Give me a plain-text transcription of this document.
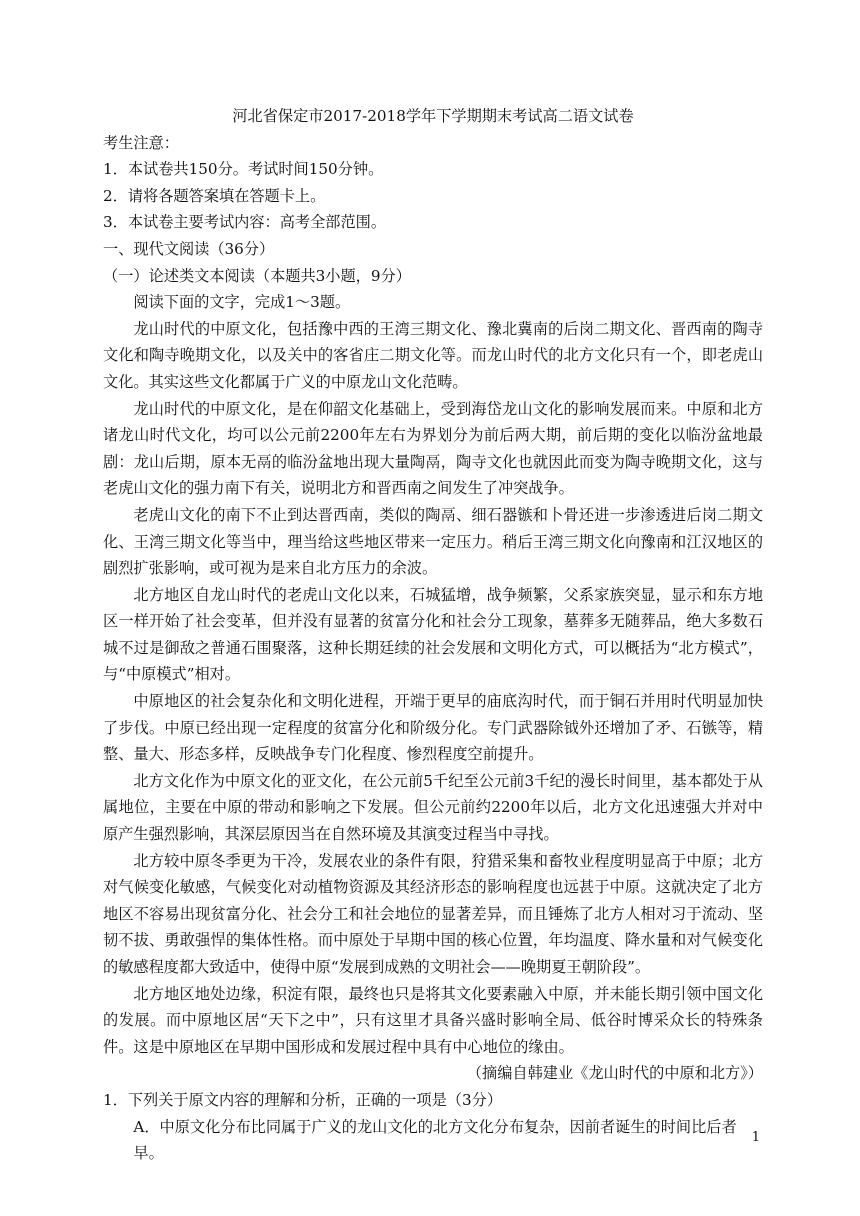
河北省保定市2017-2018学年下学期期末考试高二语文试卷
考生注意：
1．本试卷共150分。考试时间150分钟。
2．请将各题答案填在答题卡上。
3．本试卷主要考试内容：高考全部范围。
一、现代文阅读（36分）
（一）论述类文本阅读（本题共3小题，9分）
阅读下面的文字，完成1～3题。
龙山时代的中原文化，包括豫中西的王湾三期文化、豫北冀南的后岗二期文化、晋西南的陶寺文化和陶寺晚期文化，以及关中的客省庄二期文化等。而龙山时代的北方文化只有一个，即老虎山文化。其实这些文化都属于广义的中原龙山文化范畴。
龙山时代的中原文化，是在仰韶文化基础上，受到海岱龙山文化的影响发展而来。中原和北方诸龙山时代文化，均可以公元前2200年左右为界划分为前后两大期，前后期的变化以临汾盆地最剧：龙山后期，原本无鬲的临汾盆地出现大量陶鬲，陶寺文化也就因此而变为陶寺晚期文化，这与老虎山文化的强力南下有关，说明北方和晋西南之间发生了冲突战争。
老虎山文化的南下不止到达晋西南，类似的陶鬲、细石器镞和卜骨还进一步渗透进后岗二期文化、王湾三期文化等当中，理当给这些地区带来一定压力。稍后王湾三期文化向豫南和江汉地区的剧烈扩张影响，或可视为是来自北方压力的余波。
北方地区自龙山时代的老虎山文化以来，石城猛增，战争频繁，父系家族突显，显示和东方地区一样开始了社会变革，但并没有显著的贫富分化和社会分工现象，墓葬多无随葬品，绝大多数石城不过是御敌之普通石围聚落，这种长期廷续的社会发展和文明化方式，可以概括为“北方模式”，与“中原模式”相对。
中原地区的社会复杂化和文明化进程，开端于更早的庙底沟时代，而于铜石并用时代明显加快了步伐。中原已经出现一定程度的贫富分化和阶级分化。专门武器除钺外还增加了矛、石镞等，精整、量大、形态多样，反映战争专门化程度、惨烈程度空前提升。
北方文化作为中原文化的亚文化，在公元前5千纪至公元前3千纪的漫长时间里，基本都处于从属地位，主要在中原的带动和影响之下发展。但公元前约2200年以后，北方文化迅速强大并对中原产生强烈影响，其深层原因当在自然环境及其演变过程当中寻找。
北方较中原冬季更为干冷，发展农业的条件有限，狩猎采集和畜牧业程度明显高于中原；北方对气候变化敏感，气候变化对动植物资源及其经济形态的影响程度也远甚于中原。这就决定了北方地区不容易出现贫富分化、社会分工和社会地位的显著差异，而且锤炼了北方人相对习于流动、坚韧不拔、勇敢强悍的集体性格。而中原处于早期中国的核心位置，年均温度、降水量和对气候变化的敏感程度都大致适中，使得中原“发展到成熟的文明社会——晚期夏王朝阶段”。
北方地区地处边缘，积淀有限，最终也只是将其文化要素融入中原，并未能长期引领中国文化的发展。而中原地区居“天下之中”，只有这里才具备兴盛时影响全局、低谷时博采众长的特殊条件。这是中原地区在早期中国形成和发展过程中具有中心地位的缘由。
（摘编自韩建业《龙山时代的中原和北方》）
1．下列关于原文内容的理解和分析，正确的一项是（3分）
A．中原文化分布比同属于广义的龙山文化的北方文化分布复杂，因前者诞生的时间比后者早。
1
